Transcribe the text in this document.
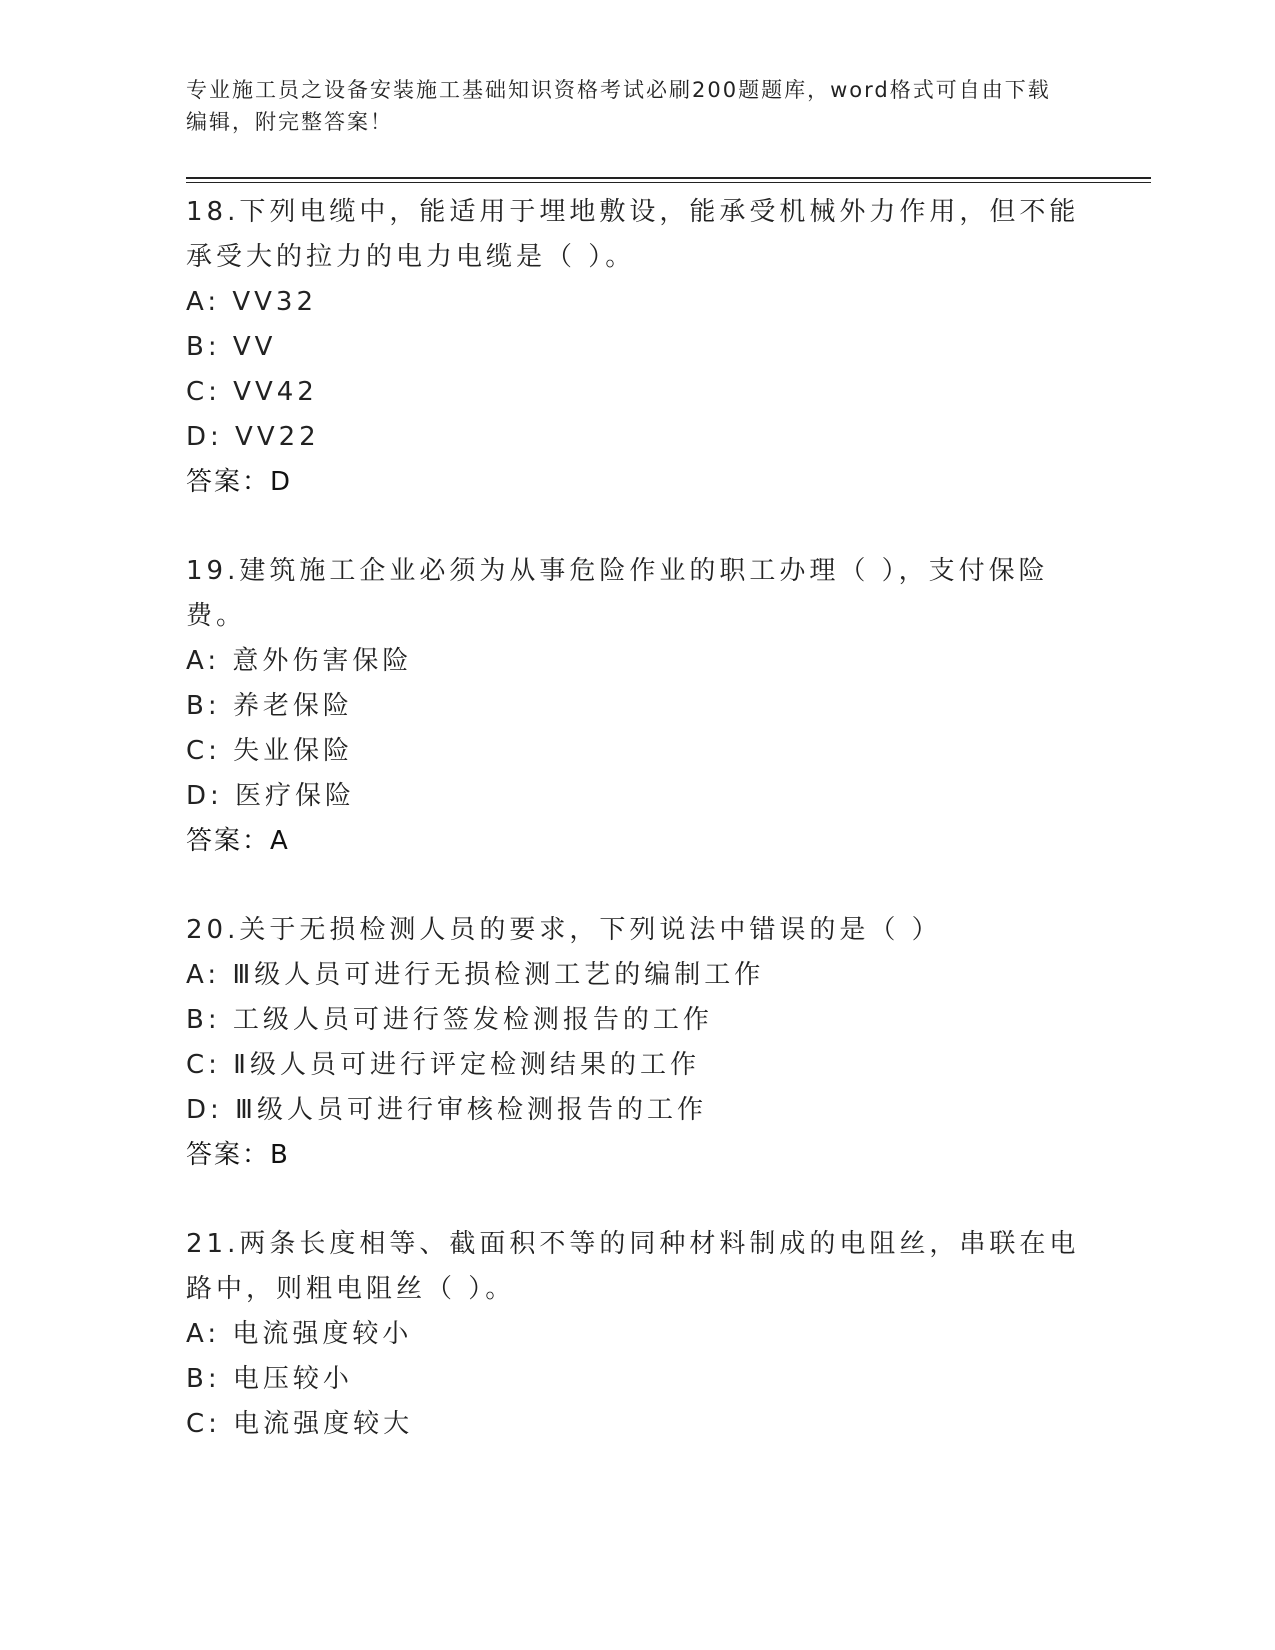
专业施工员之设备安装施工基础知识资格考试必刷200题题库，word格式可自由下载编辑，附完整答案！

18.下列电缆中，能适用于埋地敷设，能承受机械外力作用，但不能承受大的拉力的电力电缆是（ ）。

A: VV32

B: VV

C: VV42

D: VV22

答案：D

19.建筑施工企业必须为从事危险作业的职工办理（ ），支付保险费。

A: 意外伤害保险

B: 养老保险

C: 失业保险

D: 医疗保险

答案：A

20.关于无损检测人员的要求，下列说法中错误的是（ ）

A: Ⅲ级人员可进行无损检测工艺的编制工作

B: 工级人员可进行签发检测报告的工作

C: Ⅱ级人员可进行评定检测结果的工作

D: Ⅲ级人员可进行审核检测报告的工作

答案：B

21.两条长度相等、截面积不等的同种材料制成的电阻丝，串联在电路中，则粗电阻丝（ ）。

A: 电流强度较小

B: 电压较小

C: 电流强度较大
